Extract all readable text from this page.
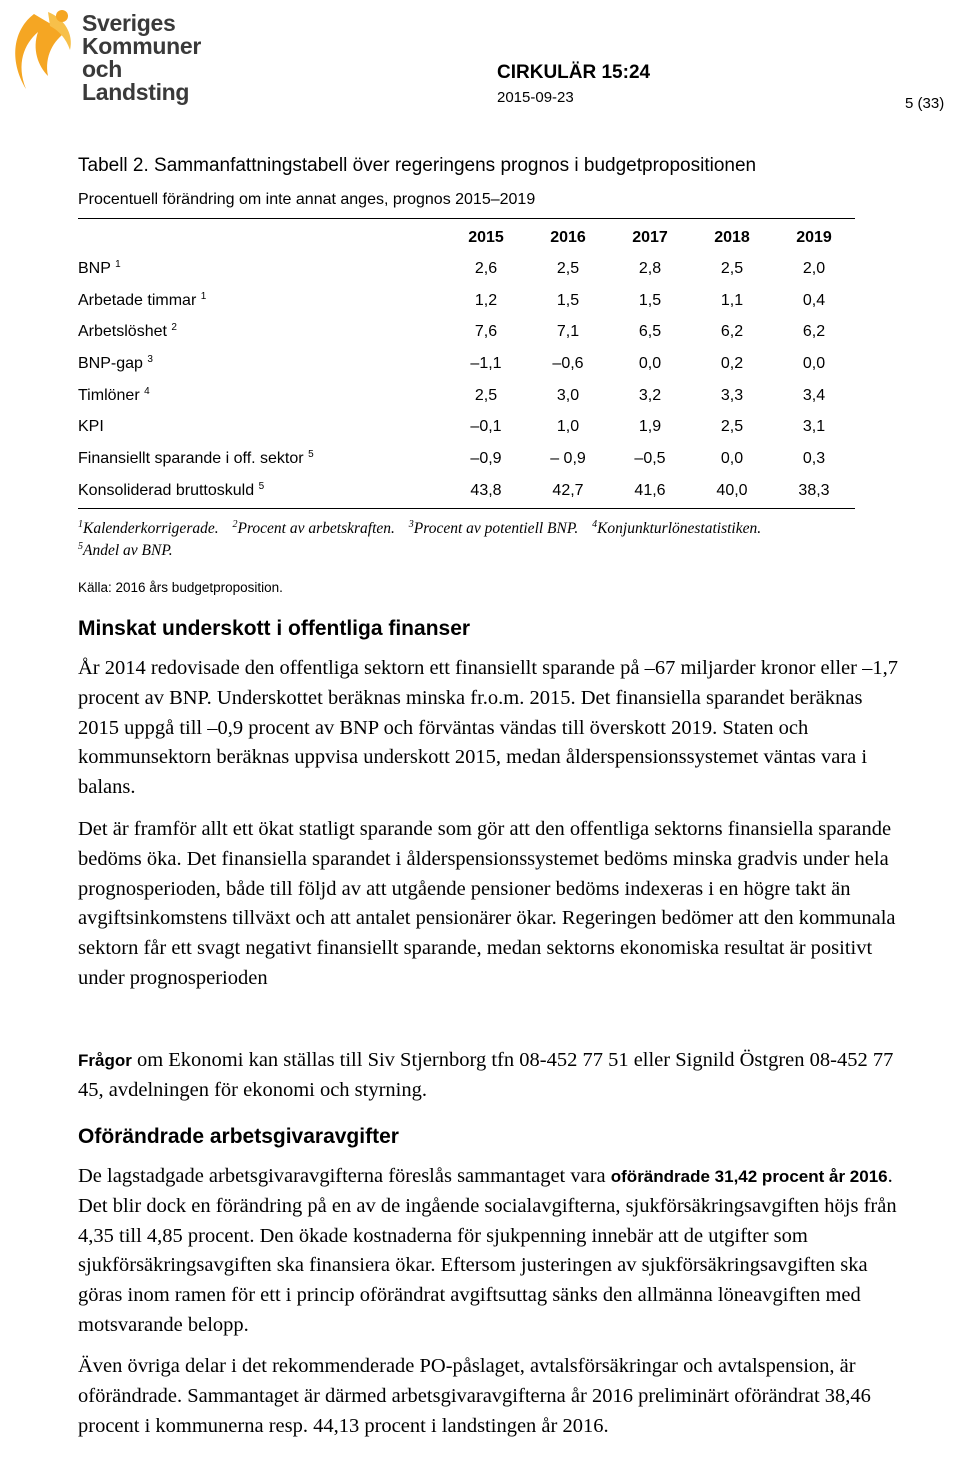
Sveriges
Kommuner
och Landsting
CIRKULÄR 15:24
2015-09-23	5 (33)
Tabell 2. Sammanfattningstabell över regeringens prognos i budgetpropositionen
Procentuell förändring om inte annat anges, prognos 2015–2019
	2015	2016	2017	2018	2019
BNP $^1$	2,6	2,5	2,8	2,5	2,0
Arbetade timmar $^1$	1,2	1,5	1,5	1,1	0,4
Arbetslöshet $^2$	7,6	7,1	6,5	6,2	6,2
BNP-gap $^3$	–1,1	–0,6	0,0	0,2	0,0
Timlöner $^4$	2,5	3,0	3,2	3,3	3,4
KPI	–0,1	1,0	1,9	2,5	3,1
Finansiellt sparande i off. sektor $^5$	–0,9	– 0,9	–0,5	0,0	0,3
Konsoliderad bruttoskuld $^5$	43,8	42,7	41,6	40,0	38,3
$^1$Kalenderkorrigerade. $^2$Procent av arbetskraften. $^3$Procent av potentiell BNP. $^4$Konjunkturlönestatistiken.
$^5$Andel av BNP.
Källa: 2016 års budgetproposition.
Minskat underskott i offentliga finanser

År 2014 redovisade den offentliga sektorn ett finansiellt sparande på –67 miljarder kronor eller –1,7 procent av BNP. Underskottet beräknas minska fr.o.m. 2015. Det finansiella sparandet beräknas 2015 uppgå till –0,9 procent av BNP och förväntas vändas till överskott 2019. Staten och kommunsektorn beräknas uppvisa underskott 2015, medan ålderspensionssystemet väntas vara i balans.

Det är framför allt ett ökat statligt sparande som gör att den offentliga sektorns finansiella sparande bedöms öka. Det finansiella sparandet i ålderspensionssystemet bedöms minska gradvis under hela prognosperioden, både till följd av att utgående pensioner bedöms indexeras i en högre takt än avgiftsinkomstens tillväxt och att antalet pensionärer ökar. Regeringen bedömer att den kommunala sektorn får ett svagt negativt finansiellt sparande, medan sektorns ekonomiska resultat är positivt under prognosperioden

Frågor om Ekonomi kan ställas till Siv Stjernborg tfn 08-452 77 51 eller Signild Östgren 08-452 77 45, avdelningen för ekonomi och styrning.

Oförändrade arbetsgivaravgifter

De lagstadgade arbetsgivaravgifterna föreslås sammantaget vara oförändrade 31,42 procent år 2016. Det blir dock en förändring på en av de ingående socialavgifterna, sjukförsäkringsavgiften höjs från 4,35 till 4,85 procent. Den ökade kostnaderna för sjukpenning innebär att de utgifter som sjukförsäkringsavgiften ska finansiera ökar. Eftersom justeringen av sjukförsäkringsavgiften ska göras inom ramen för ett i princip oförändrat avgiftsuttag sänks den allmänna löneavgiften med motsvarande belopp.

Även övriga delar i det rekommenderade PO-påslaget, avtalsförsäkringar och avtalspension, är oförändrade. Sammantaget är därmed arbetsgivaravgifterna år 2016 preliminärt oförändrat 38,46 procent i kommunerna resp. 44,13 procent i landstingen år 2016.
